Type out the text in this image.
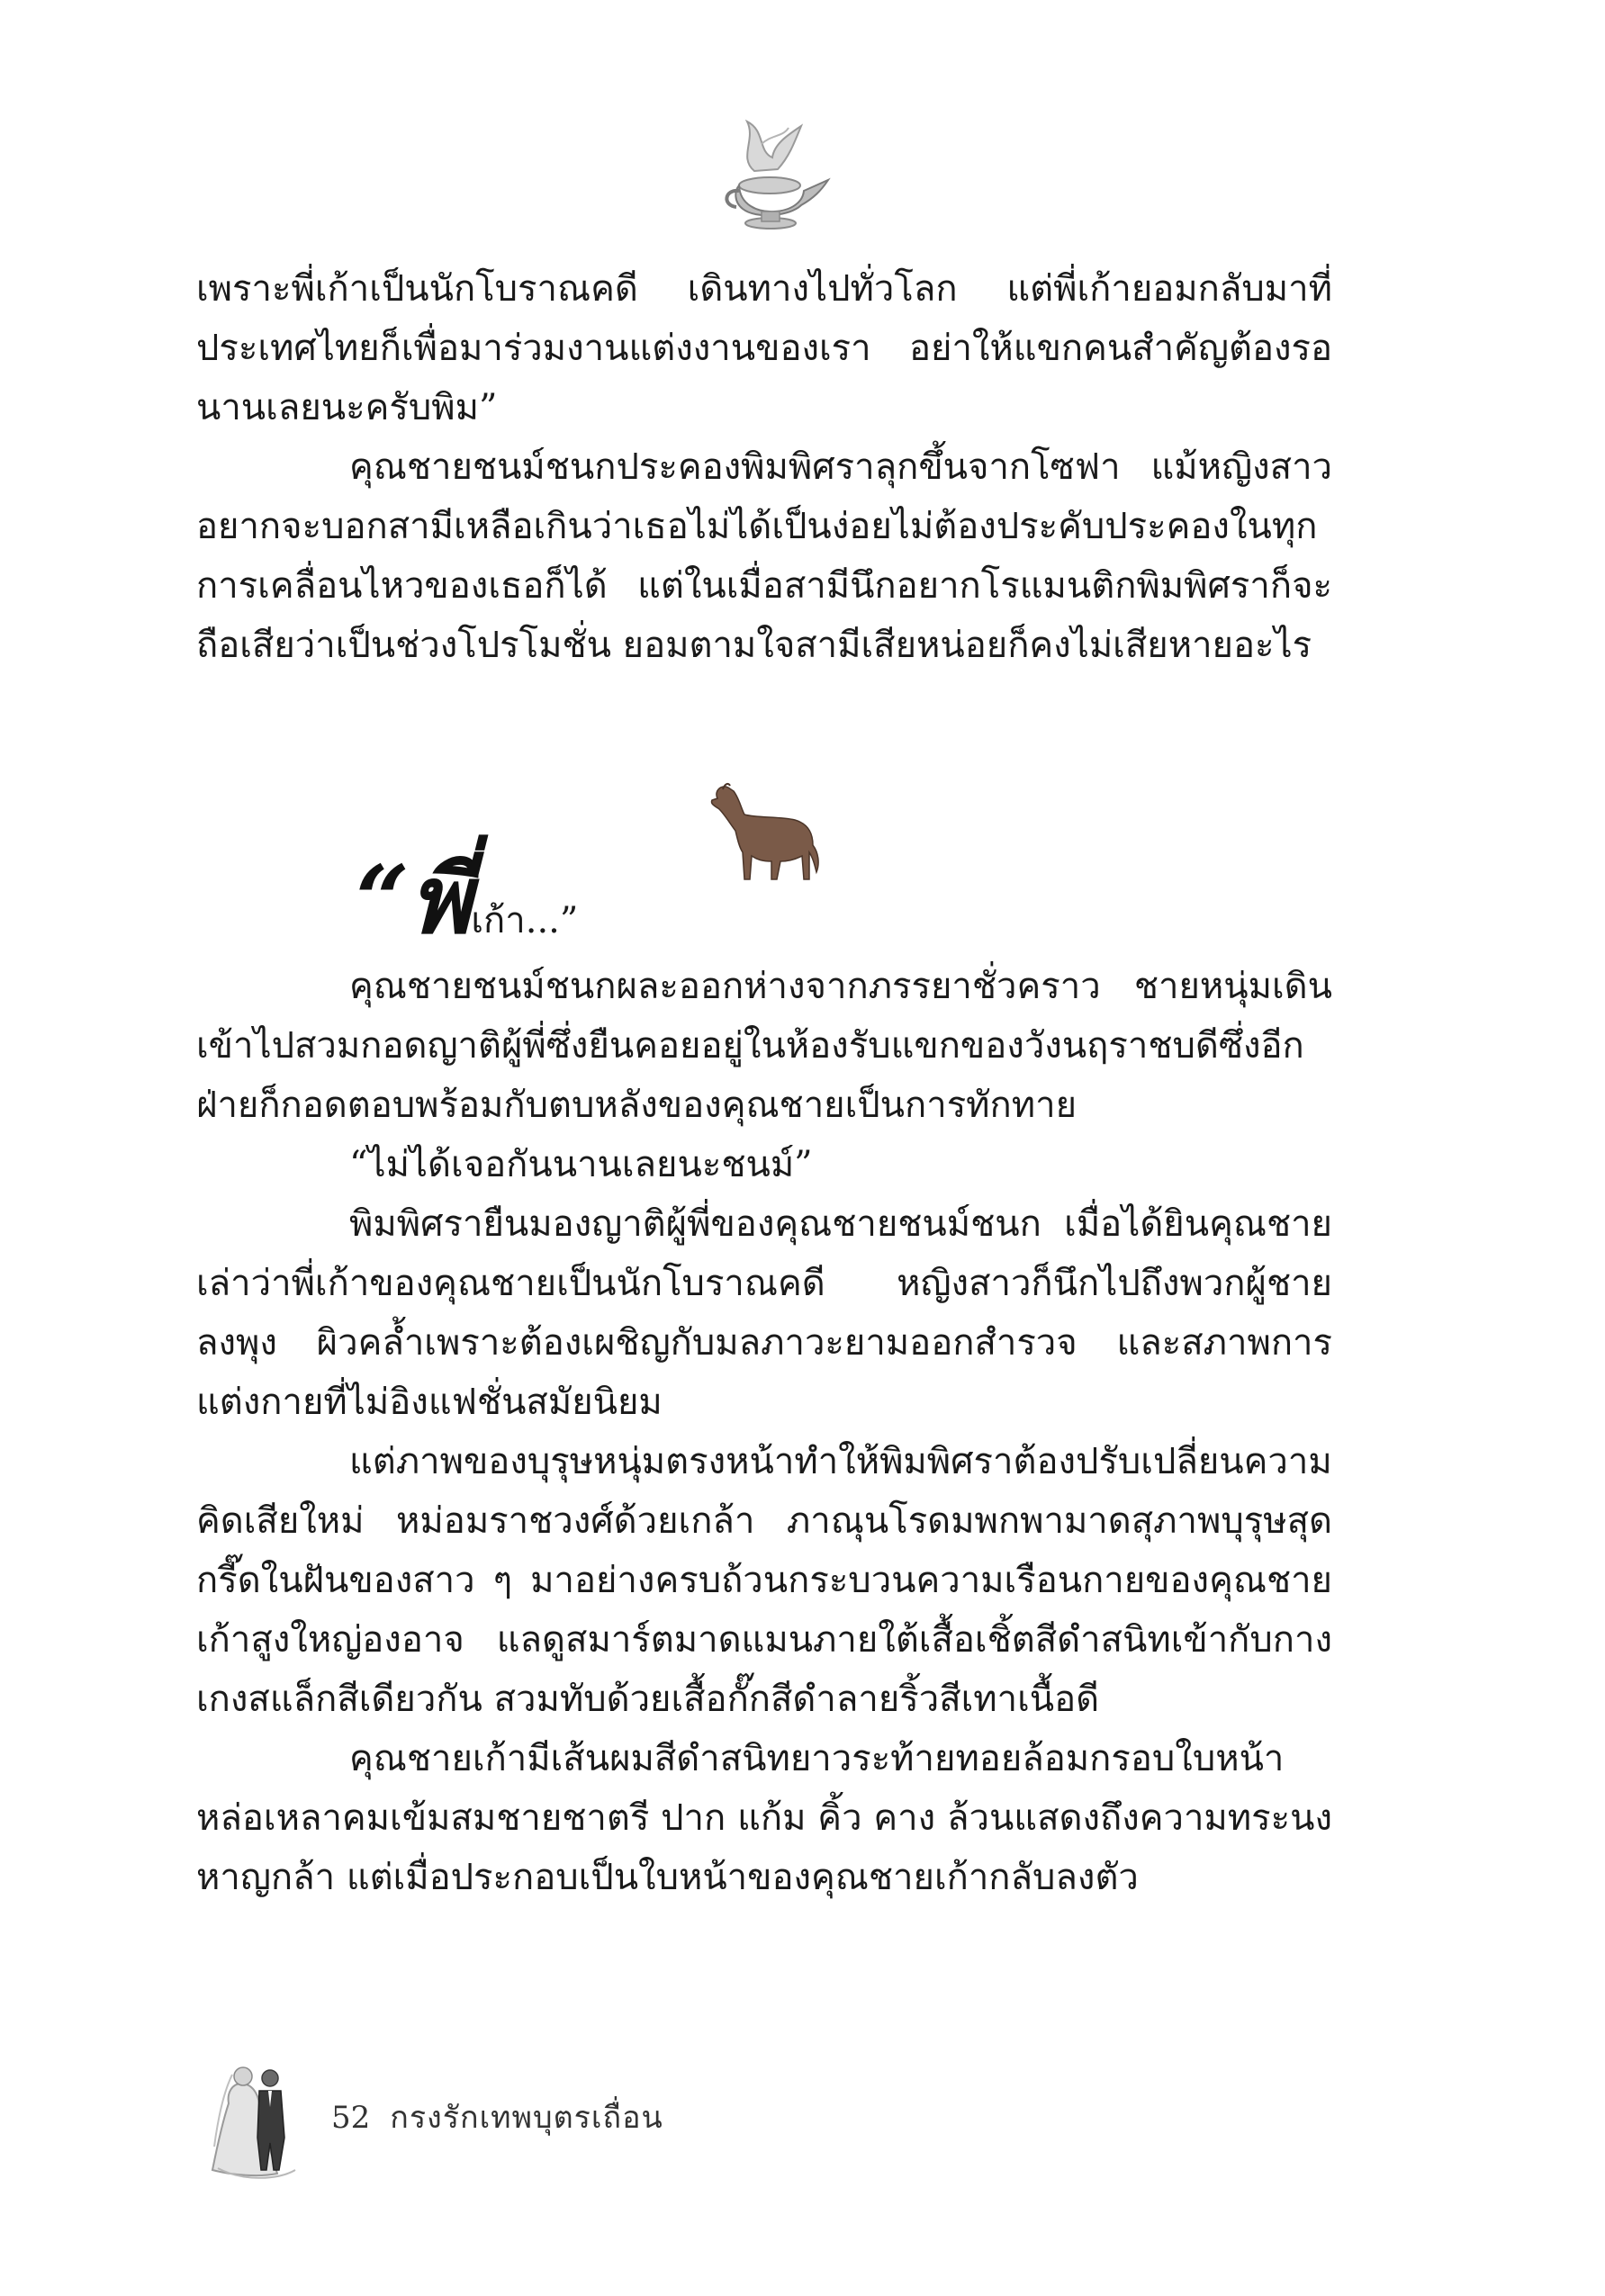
เพราะพี่เก้าเป็นนักโบราณคดี เดินทางไปทั่วโลก แต่พี่เก้ายอมกลับมาที่ประเทศไทยก็เพื่อมาร่วมงานแต่งงานของเรา อย่าให้แขกคนสำคัญต้องรอนานเลยนะครับพิม”

คุณชายชนม์ชนกประคองพิมพิศราลุกขึ้นจากโซฟา แม้หญิงสาวอยากจะบอกสามีเหลือเกินว่าเธอไม่ได้เป็นง่อยไม่ต้องประคับประคองในทุกการเคลื่อนไหวของเธอก็ได้ แต่ในเมื่อสามีนึกอยากโรแมนติกพิมพิศราก็จะถือเสียว่าเป็นช่วงโปรโมชั่น ยอมตามใจสามีเสียหน่อยก็คงไม่เสียหายอะไร

“พี่เก้า...”

คุณชายชนม์ชนกผละออกห่างจากภรรยาชั่วคราว ชายหนุ่มเดินเข้าไปสวมกอดญาติผู้พี่ซึ่งยืนคอยอยู่ในห้องรับแขกของวังนฤราชบดีซึ่งอีกฝ่ายก็กอดตอบพร้อมกับตบหลังของคุณชายเป็นการทักทาย

“ไม่ได้เจอกันนานเลยนะชนม์”

พิมพิศรายืนมองญาติผู้พี่ของคุณชายชนม์ชนก เมื่อได้ยินคุณชายเล่าว่าพี่เก้าของคุณชายเป็นนักโบราณคดี หญิงสาวก็นึกไปถึงพวกผู้ชายลงพุง ผิวคล้ำเพราะต้องเผชิญกับมลภาวะยามออกสำรวจ และสภาพการแต่งกายที่ไม่อิงแฟชั่นสมัยนิยม

แต่ภาพของบุรุษหนุ่มตรงหน้าทำให้พิมพิศราต้องปรับเปลี่ยนความคิดเสียใหม่ หม่อมราชวงศ์ด้วยเกล้า ภาณุนโรดมพกพามาดสุภาพบุรุษสุดกรี๊ดในฝันของสาว ๆ มาอย่างครบถ้วนกระบวนความเรือนกายของคุณชายเก้าสูงใหญ่องอาจ แลดูสมาร์ตมาดแมนภายใต้เสื้อเชิ้ตสีดำสนิทเข้ากับกางเกงสแล็กสีเดียวกัน สวมทับด้วยเสื้อกั๊กสีดำลายริ้วสีเทาเนื้อดี

คุณชายเก้ามีเส้นผมสีดำสนิทยาวระท้ายทอยล้อมกรอบใบหน้าหล่อเหลาคมเข้มสมชายชาตรี ปาก แก้ม คิ้ว คาง ล้วนแสดงถึงความทระนงหาญกล้า แต่เมื่อประกอบเป็นใบหน้าของคุณชายเก้ากลับลงตัว

52 กรงรักเทพบุตรเถื่อน
